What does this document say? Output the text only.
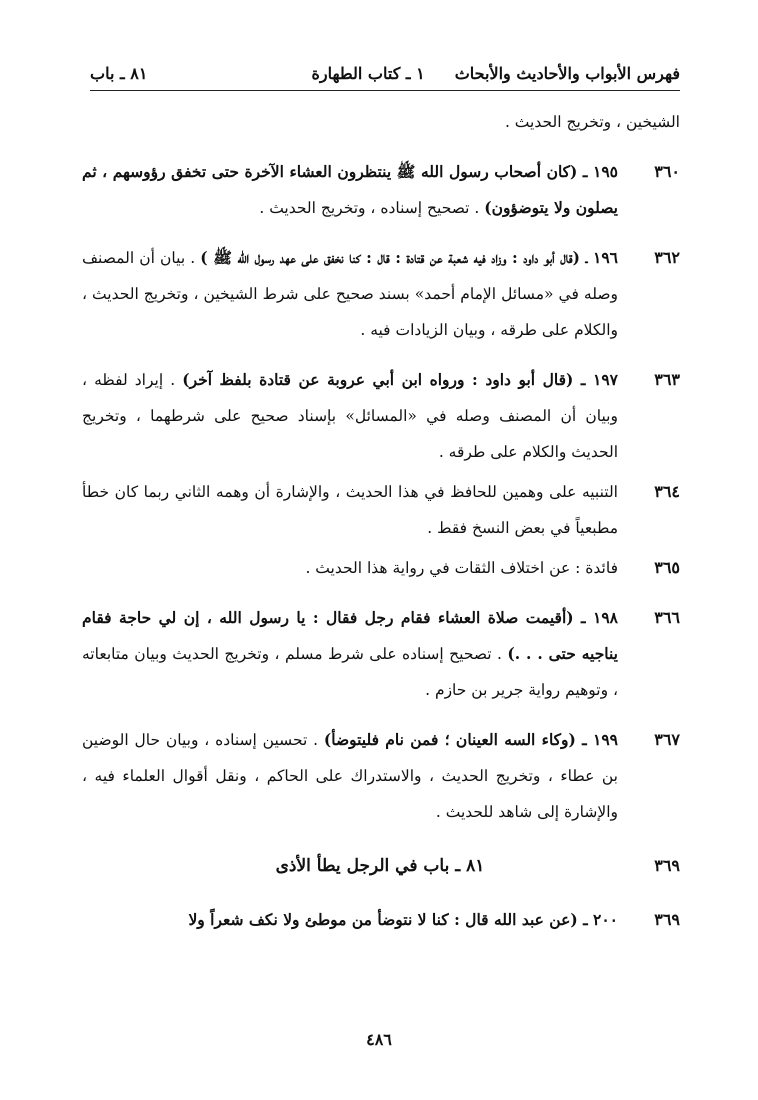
فهرس الأبواب والأحاديث والأبحاث١ ـ كتاب الطهارة
٨١ ـ باب
الشيخين ، وتخريج الحديث .
٣٦٠
١٩٥ ـ (كان أصحاب رسول الله ﷺ ينتظرون العشاء الآخرة حتى تخفق رؤوسهم ، ثم يصلون ولا يتوضؤون) . تصحيح إسناده ، وتخريج الحديث .
٣٦٢
١٩٦ ـ (قال أبو داود : وزاد فيه شعبة عن قتادة : قال : كنا نخفق على عهد رسول الله ﷺ ) . بيان أن المصنف وصله في «مسائل الإمام أحمد» بسند صحيح على شرط الشيخين ، وتخريج الحديث ، والكلام على طرقه ، وبيان الزيادات فيه .
٣٦٣
١٩٧ ـ (قال أبو داود : ورواه ابن أبي عروبة عن قتادة بلفظ آخر) . إيراد لفظه ، وبيان أن المصنف وصله في «المسائل» بإسناد صحيح على شرطهما ، وتخريج الحديث والكلام على طرقه .
٣٦٤
التنبيه على وهمين للحافظ في هذا الحديث ، والإشارة أن وهمه الثاني ربما كان خطأ مطبعياً في بعض النسخ فقط .
٣٦٥
فائدة : عن اختلاف الثقات في رواية هذا الحديث .
٣٦٦
١٩٨ ـ (أقيمت صلاة العشاء فقام رجل فقال : يا رسول الله ، إن لي حاجة فقام يناجيه حتى . . .) . تصحيح إسناده على شرط مسلم ، وتخريج الحديث وبيان متابعاته ، وتوهيم رواية جرير بن حازم .
٣٦٧
١٩٩ ـ (وكاء السه العينان ؛ فمن نام فليتوضأ) . تحسين إسناده ، وبيان حال الوضين بن عطاء ، وتخريج الحديث ، والاستدراك على الحاكم ، ونقل أقوال العلماء فيه ، والإشارة إلى شاهد للحديث .
٣٦٩
٨١ ـ باب في الرجل يطأ الأذى
٣٦٩
٢٠٠ ـ (عن عبد الله قال : كنا لا نتوضأ من موطئ ولا نكف شعراً ولا
٤٨٦
